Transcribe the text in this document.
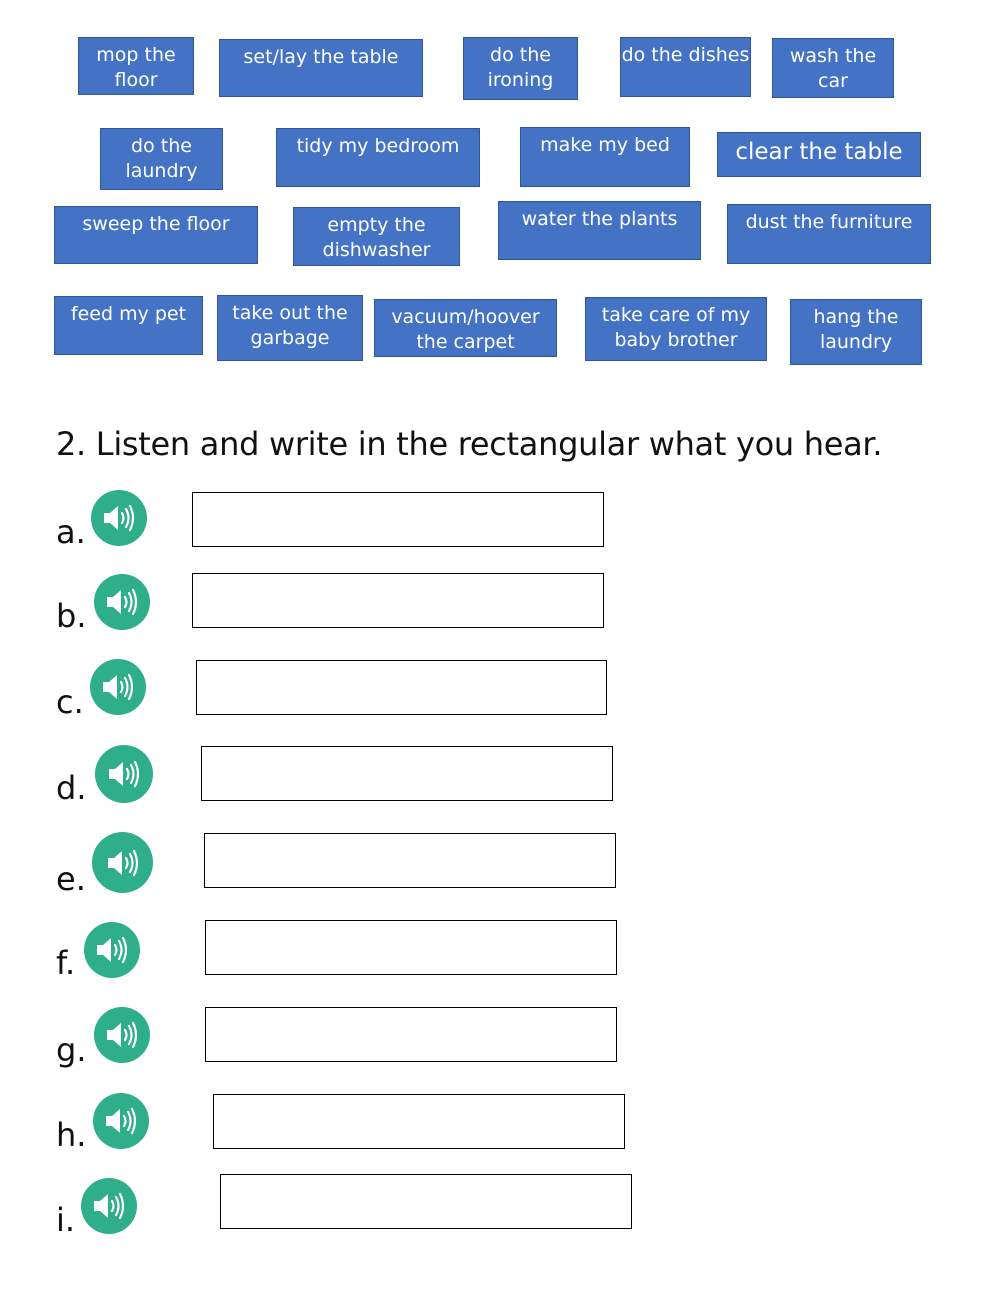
mop the floor
set/lay the table	do the ironing
do the dishes	wash the car
do the laundry
tidy my bedroom	make my bed	clear the table
sweep the floor	empty the dishwasher
water the plants	dust the furniture
feed my pet	take out the garbage
vacuum/hoover the carpet
take care of my baby brother
hang the laundry
2. Listen and write in the rectangular what you hear.
a.
b.
c.
d.
e.
f.
g.
h.
i.
